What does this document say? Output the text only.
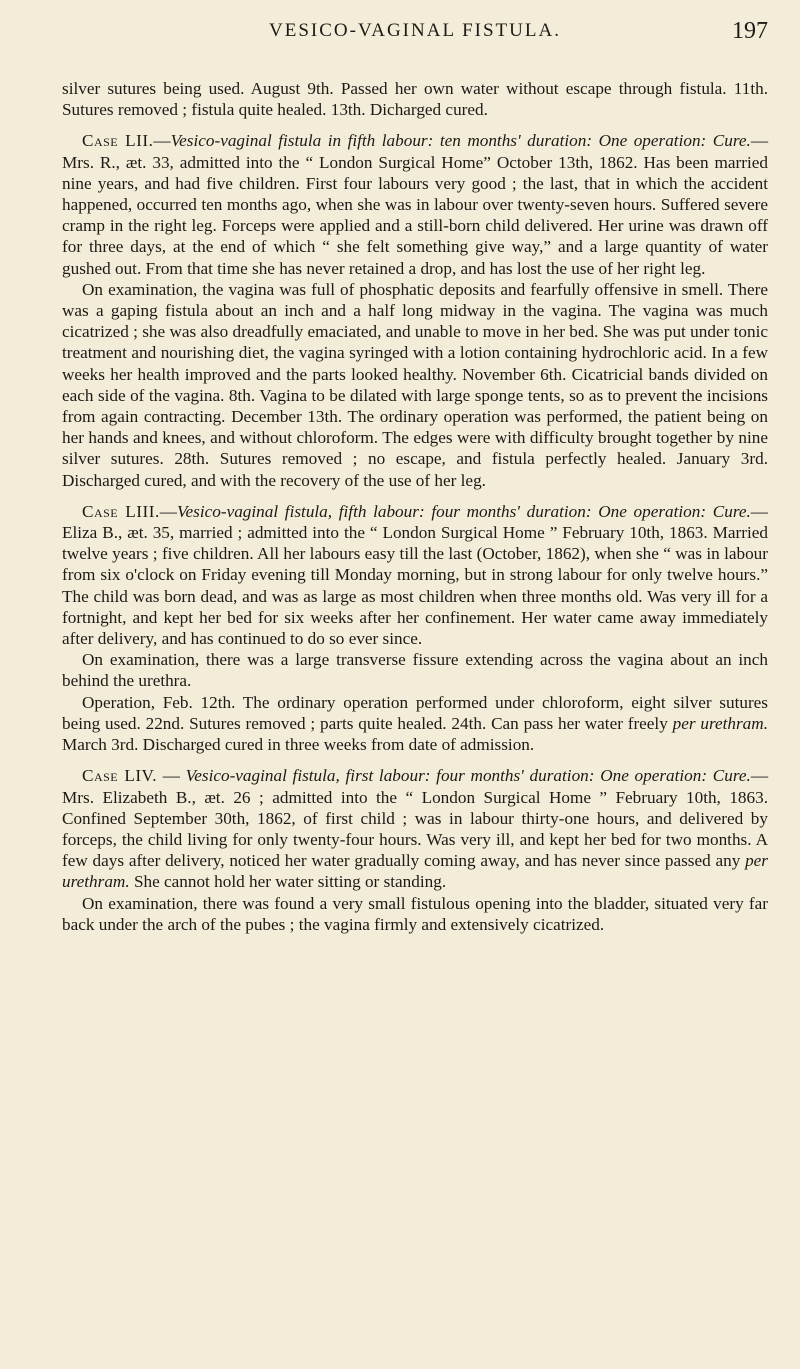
VESICO-VAGINAL FISTULA.	197

silver sutures being used. August 9th. Passed her own water without escape through fistula. 11th. Sutures removed ; fistula quite healed. 13th. Dicharged cured.

Case LII.—Vesico-vaginal fistula in fifth labour: ten months' duration: One operation: Cure.—Mrs. R., æt. 33, admitted into the “ London Surgical Home” October 13th, 1862. Has been married nine years, and had five children. First four labours very good ; the last, that in which the accident happened, occurred ten months ago, when she was in labour over twenty-seven hours. Suffered severe cramp in the right leg. Forceps were applied and a still-born child delivered. Her urine was drawn off for three days, at the end of which “ she felt something give way,” and a large quantity of water gushed out. From that time she has never retained a drop, and has lost the use of her right leg.

On examination, the vagina was full of phosphatic deposits and fearfully offensive in smell. There was a gaping fistula about an inch and a half long midway in the vagina. The vagina was much cicatrized ; she was also dreadfully emaciated, and unable to move in her bed. She was put under tonic treatment and nourishing diet, the vagina syringed with a lotion containing hydrochloric acid. In a few weeks her health improved and the parts looked healthy. November 6th. Cicatricial bands divided on each side of the vagina. 8th. Vagina to be dilated with large sponge tents, so as to prevent the incisions from again contracting. December 13th. The ordinary operation was performed, the patient being on her hands and knees, and without chloroform. The edges were with difficulty brought together by nine silver sutures. 28th. Sutures removed ; no escape, and fistula perfectly healed. January 3rd. Discharged cured, and with the recovery of the use of her leg.

Case LIII.—Vesico-vaginal fistula, fifth labour: four months' duration: One operation: Cure.—Eliza B., æt. 35, married ; admitted into the “ London Surgical Home ” February 10th, 1863. Married twelve years ; five children. All her labours easy till the last (October, 1862), when she “ was in labour from six o'clock on Friday evening till Monday morning, but in strong labour for only twelve hours.” The child was born dead, and was as large as most children when three months old. Was very ill for a fortnight, and kept her bed for six weeks after her confinement. Her water came away immediately after delivery, and has continued to do so ever since.

On examination, there was a large transverse fissure extending across the vagina about an inch behind the urethra.

Operation, Feb. 12th. The ordinary operation performed under chloroform, eight silver sutures being used. 22nd. Sutures removed ; parts quite healed. 24th. Can pass her water freely per urethram. March 3rd. Discharged cured in three weeks from date of admission.

Case LIV. — Vesico-vaginal fistula, first labour: four months' duration: One operation: Cure.—Mrs. Elizabeth B., æt. 26 ; admitted into the “ London Surgical Home ” February 10th, 1863. Confined September 30th, 1862, of first child ; was in labour thirty-one hours, and delivered by forceps, the child living for only twenty-four hours. Was very ill, and kept her bed for two months. A few days after delivery, noticed her water gradually coming away, and has never since passed any per urethram. She cannot hold her water sitting or standing.

On examination, there was found a very small fistulous opening into the bladder, situated very far back under the arch of the pubes ; the vagina firmly and extensively cicatrized.
